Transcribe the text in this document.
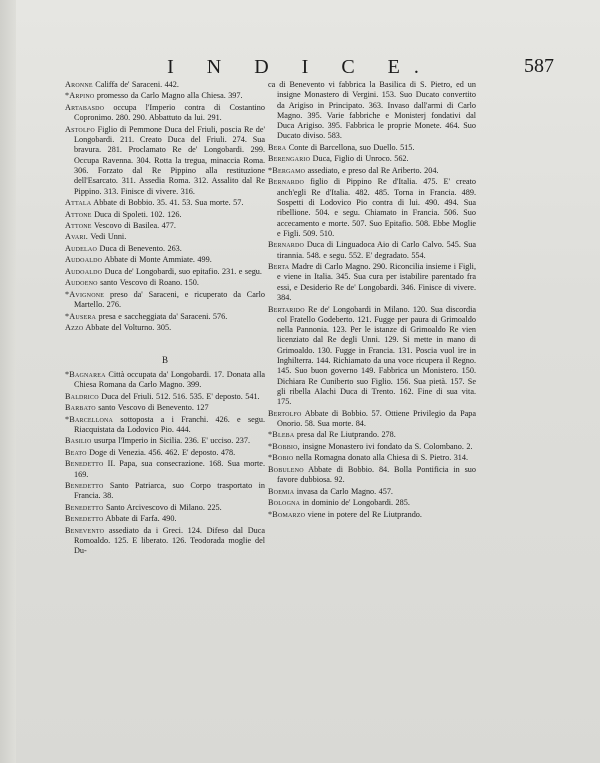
I N D I C E.	587

Aronne Califfa de' Saraceni. 442.

*Arpino promesso da Carlo Magno alla Chiesa. 397.

Artabasdo occupa l'Imperio contra di Costantino Copronimo. 280. 290. Abbattuto da lui. 291.

Astolfo Figlio di Pemmone Duca del Friuli, poscia Re de' Longobardi. 211. Creato Duca del Friuli. 274. Sua bravura. 281. Proclamato Re de' Longobardi. 299. Occupa Ravenna. 304. Rotta la tregua, minaccia Roma. 306. Forzato dal Re Pippino alla restituzione dell'Esarcato. 311. Assedia Roma. 312. Assalito dal Re Pippino. 313. Finisce di vivere. 316.

Attala Abbate di Bobbio. 35. 41. 53. Sua morte. 57.

Attone Duca di Spoleti. 102. 126.

Attone Vescovo di Basilea. 477.

Avari. Vedi Unni.

Audelao Duca di Benevento. 263.

Audoaldo Abbate di Monte Ammiate. 499.

Audoaldo Duca de' Longobardi, suo epitafio. 231. e segu.

Audoeno santo Vescovo di Roano. 150.

*Avignone preso da' Saraceni, e ricuperato da Carlo Martello. 276.

*Ausera presa e saccheggiata da' Saraceni. 576.

Azzo Abbate del Volturno. 305.

B

*Bagnarea Città occupata da' Longobardi. 17. Donata alla Chiesa Romana da Carlo Magno. 399.

Baldrico Duca del Friuli. 512. 516. 535. E' deposto. 541.

Barbato santo Vescovo di Benevento. 127

*Barcellona sottoposta a i Franchi. 426. e segu. Riacquistata da Lodovico Pio. 444.

Basilio usurpa l'Imperio in Sicilia. 236. E' ucciso. 237.

Beato Doge di Venezia. 456. 462. E' deposto. 478.

Benedetto II. Papa, sua consecrazione. 168. Sua morte. 169.

Benedetto Santo Patriarca, suo Corpo trasportato in Francia. 38.

Benedetto Santo Arcivescovo di Milano. 225.

Benedetto Abbate di Farfa. 490.

Benevento assediato da i Greci. 124. Difeso dal Duca Romoaldo. 125. E liberato. 126. Teodorada moglie del Du-

ca di Benevento vi fabbrica la Basilica di S. Pietro, ed un insigne Monastero di Vergini. 153. Suo Ducato convertito da Arigiso in Principato. 363. Invaso dall'armi di Carlo Magno. 395. Varie fabbriche e Monisterj fondativi dal Duca Arigiso. 395. Fabbrica le proprie Monete. 464. Suo Ducato diviso. 583.

Bera Conte di Barcellona, suo Duello. 515.

Berengario Duca, Figlio di Unroco. 562.

*Bergamo assediato, e preso dal Re Ariberto. 204.

Bernardo figlio di Pippino Re d'Italia. 475. E' creato anch'egli Re d'Italia. 482. 485. Torna in Francia. 489. Sospetti di Lodovico Pio contra di lui. 490. 494. Sua ribellione. 504. e segu. Chiamato in Francia. 506. Suo accecamento e morte. 507. Suo Epitafio. 508. Ebbe Moglie e Figli. 509. 510.

Bernardo Duca di Linguadoca Aio di Carlo Calvo. 545. Sua tirannia. 548. e segu. 552. E' degradato. 554.

Berta Madre di Carlo Magno. 290. Riconcilia insieme i Figli, e viene in Italia. 345. Sua cura per istabilire parentado fra essi, e Desiderio Re de' Longobardi. 346. Finisce di vivere. 384.

Bertarido Re de' Longobardi in Milano. 120. Sua discordia col Fratello Godeberto. 121. Fugge per paura di Grimoaldo nella Pannonia. 123. Per le istanze di Grimoaldo Re vien licenziato dal Re degli Unni. 129. Si mette in mano di Grimoaldo. 130. Fugge in Francia. 131. Poscia vuol ire in Inghilterra. 144. Richiamato da una voce ricupera il Regno. 145. Suo buon governo 149. Fabbrica un Monistero. 150. Dichiara Re Cuniberto suo Figlio. 156. Sua pietà. 157. Se gli ribella Alachi Duca di Trento. 162. Fine di sua vita. 175.

Bertolfo Abbate di Bobbio. 57. Ottiene Privilegio da Papa Onorio. 58. Sua morte. 84.

*Bleba presa dal Re Liutprando. 278.

*Bobbio, insigne Monastero ivi fondato da S. Colombano. 2.

*Bobio nella Romagna donato alla Chiesa di S. Pietro. 314.

Bobuleno Abbate di Bobbio. 84. Bolla Pontificia in suo favore dubbiosa. 92.

Boemia invasa da Carlo Magno. 457.

Bologna in dominio de' Longobardi. 285.

*Bomarzo viene in potere del Re Liutprando.
